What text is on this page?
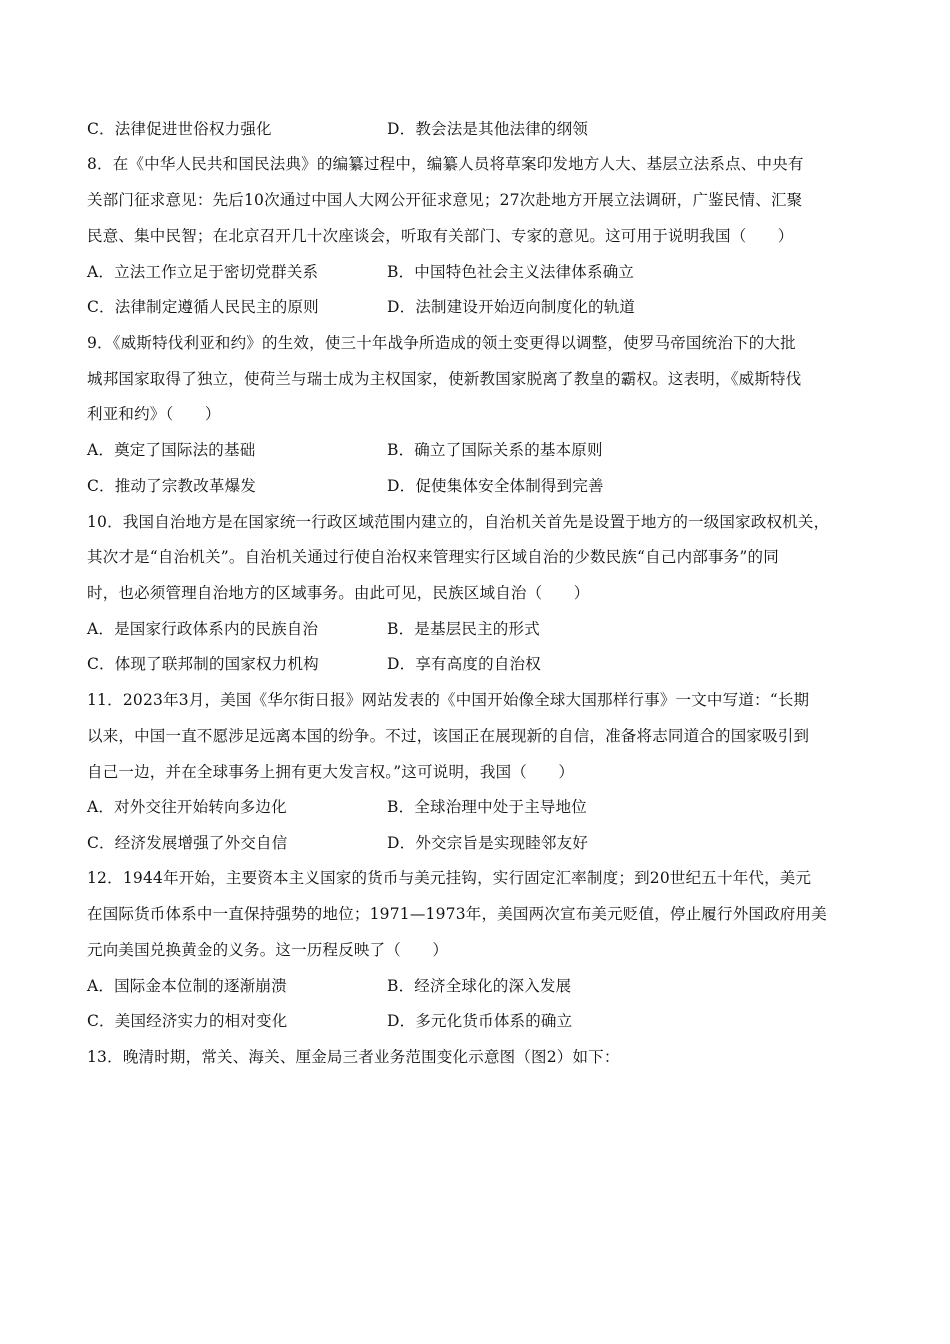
C．法律促进世俗权力强化	D．教会法是其他法律的纲领
8．在《中华人民共和国民法典》的编纂过程中，编纂人员将草案印发地方人大、基层立法系点、中央有
关部门征求意见：先后10次通过中国人大网公开征求意见；27次赴地方开展立法调研，广鉴民情、汇聚
民意、集中民智；在北京召开几十次座谈会，听取有关部门、专家的意见。这可用于说明我国（　　）
A．立法工作立足于密切党群关系	B．中国特色社会主义法律体系确立
C．法律制定遵循人民民主的原则	D．法制建设开始迈向制度化的轨道
9．《威斯特伐利亚和约》的生效，使三十年战争所造成的领土变更得以调整，使罗马帝国统治下的大批
城邦国家取得了独立，使荷兰与瑞士成为主权国家，使新教国家脱离了教皇的霸权。这表明，《威斯特伐
利亚和约》（　　）
A．奠定了国际法的基础	B．确立了国际关系的基本原则
C．推动了宗教改革爆发	D．促使集体安全体制得到完善
10．我国自治地方是在国家统一行政区域范围内建立的，自治机关首先是设置于地方的一级国家政权机关，
其次才是“自治机关”。自治机关通过行使自治权来管理实行区域自治的少数民族“自己内部事务”的同
时，也必须管理自治地方的区域事务。由此可见，民族区域自治（　　）
A．是国家行政体系内的民族自治	B．是基层民主的形式
C．体现了联邦制的国家权力机构	D．享有高度的自治权
11．2023年3月，美国《华尔街日报》网站发表的《中国开始像全球大国那样行事》一文中写道：“长期
以来，中国一直不愿涉足远离本国的纷争。不过，该国正在展现新的自信，准备将志同道合的国家吸引到
自己一边，并在全球事务上拥有更大发言权。”这可说明，我国（　　）
A．对外交往开始转向多边化	B．全球治理中处于主导地位
C．经济发展增强了外交自信	D．外交宗旨是实现睦邻友好
12．1944年开始，主要资本主义国家的货币与美元挂钩，实行固定汇率制度；到20世纪五十年代，美元
在国际货币体系中一直保持强势的地位；1971—1973年，美国两次宣布美元贬值，停止履行外国政府用美
元向美国兑换黄金的义务。这一历程反映了（　　）
A．国际金本位制的逐渐崩溃	B．经济全球化的深入发展
C．美国经济实力的相对变化	D．多元化货币体系的确立
13．晚清时期，常关、海关、厘金局三者业务范围变化示意图（图2）如下：
